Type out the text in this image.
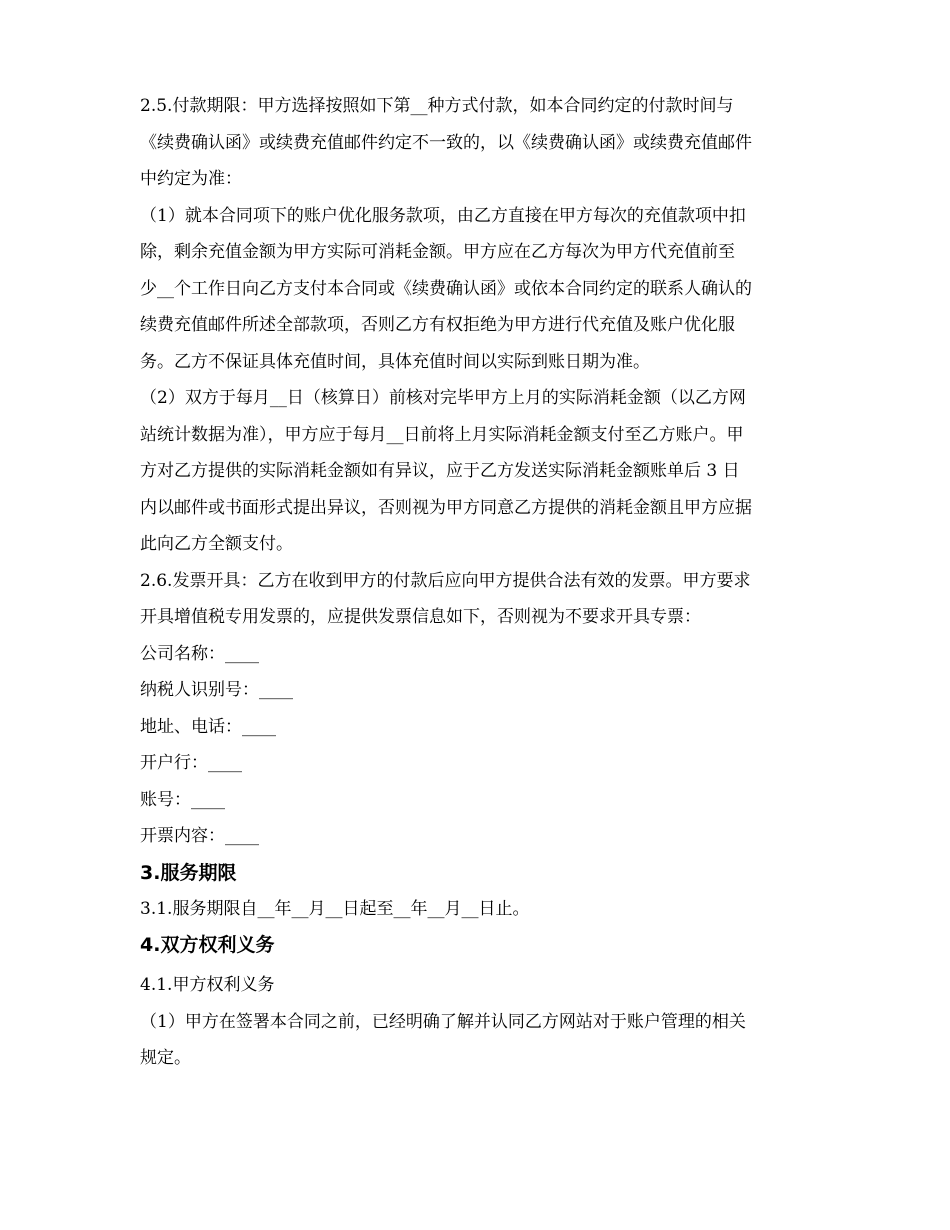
2.5.付款期限：甲方选择按照如下第__种方式付款，如本合同约定的付款时间与

《续费确认函》或续费充值邮件约定不一致的，以《续费确认函》或续费充值邮件

中约定为准：

（1）就本合同项下的账户优化服务款项，由乙方直接在甲方每次的充值款项中扣

除，剩余充值金额为甲方实际可消耗金额。甲方应在乙方每次为甲方代充值前至

少__个工作日向乙方支付本合同或《续费确认函》或依本合同约定的联系人确认的

续费充值邮件所述全部款项，否则乙方有权拒绝为甲方进行代充值及账户优化服

务。乙方不保证具体充值时间，具体充值时间以实际到账日期为准。

（2）双方于每月__日（核算日）前核对完毕甲方上月的实际消耗金额（以乙方网

站统计数据为准），甲方应于每月__日前将上月实际消耗金额支付至乙方账户。甲

方对乙方提供的实际消耗金额如有异议，应于乙方发送实际消耗金额账单后 3 日

内以邮件或书面形式提出异议，否则视为甲方同意乙方提供的消耗金额且甲方应据

此向乙方全额支付。

2.6.发票开具：乙方在收到甲方的付款后应向甲方提供合法有效的发票。甲方要求

开具增值税专用发票的，应提供发票信息如下，否则视为不要求开具专票：

公司名称：____

纳税人识别号：____

地址、电话：____

开户行：____

账号：____

开票内容：____

3.服务期限

3.1.服务期限自__年__月__日起至__年__月__日止。

4.双方权利义务

4.1.甲方权利义务

（1）甲方在签署本合同之前，已经明确了解并认同乙方网站对于账户管理的相关

规定。
